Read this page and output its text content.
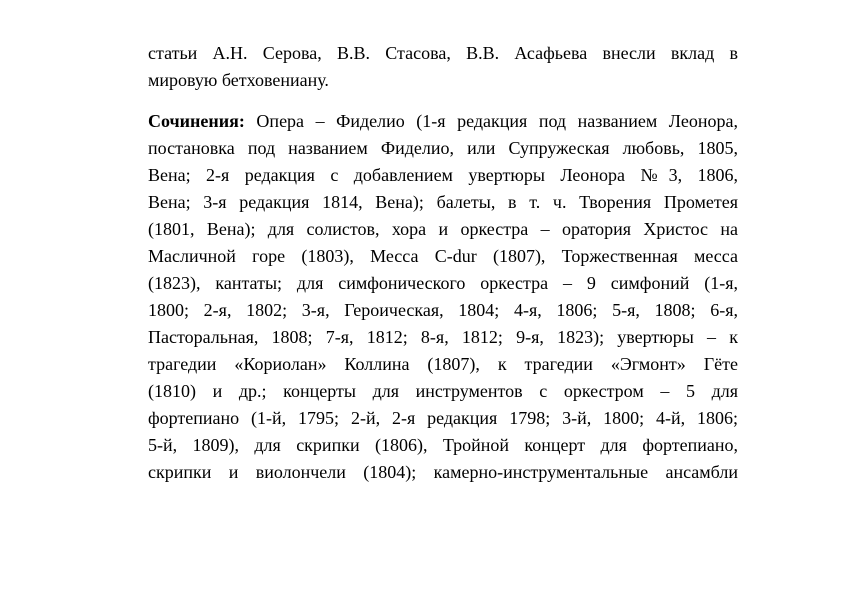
статьи А.Н. Серова, В.В. Стасова, В.В. Асафьева внесли вклад в
мировую бетховениану.
Сочинения: Опера – Фиделио (1-я редакция под названием Леонора,
постановка под названием Фиделио, или Супружеская любовь, 1805,
Вена; 2-я редакция с добавлением увертюры Леонора №3, 1806,
Вена; 3-я редакция 1814, Вена); балеты, в т. ч. Творения Прометея
(1801, Вена); для солистов, хора и оркестра – оратория Христос на
Масличной горе (1803), Месса C-dur (1807), Торжественная месса
(1823), кантаты; для симфонического оркестра – 9 симфоний (1-я,
1800; 2-я, 1802; 3-я, Героическая, 1804; 4-я, 1806; 5-я, 1808; 6-я,
Пасторальная, 1808; 7-я, 1812; 8-я, 1812; 9-я, 1823); увертюры – к
трагедии «Кориолан» Коллина (1807), к трагедии «Эгмонт» Гёте
(1810) и др.; концерты для инструментов с оркестром – 5 для
фортепиано (1-й, 1795; 2-й, 2-я редакция 1798; 3-й, 1800; 4-й, 1806;
5-й, 1809), для скрипки (1806), Тройной концерт для фортепиано,
скрипки и виолончели (1804); камерно-инструментальные ансамбли
